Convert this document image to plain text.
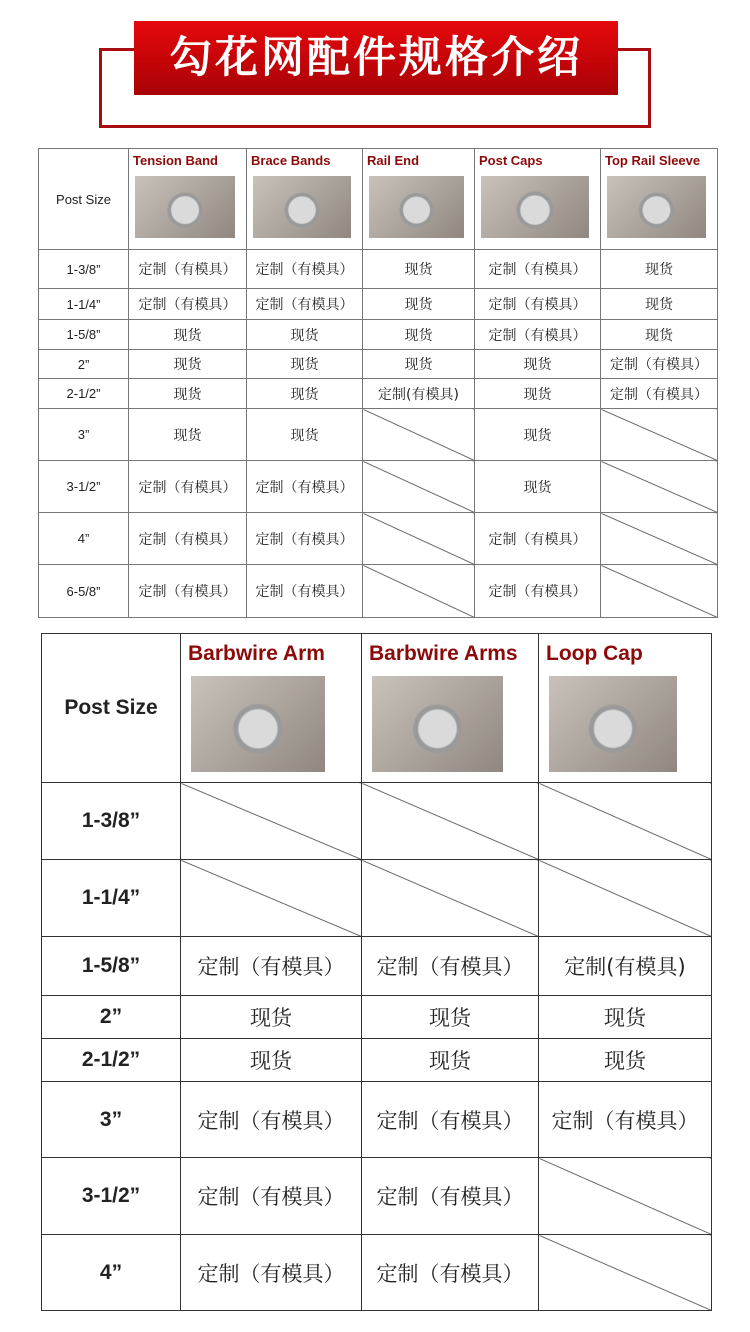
勾花网配件规格介绍
Post Size	Tension Band	Brace Bands	Rail End	Post Caps	Top Rail Sleeve

1-3/8”	定制（有模具）	定制（有模具）	现货	定制（有模具）	现货
1-1/4”	定制（有模具）	定制（有模具）	现货	定制（有模具）	现货
1-5/8”	现货	现货	现货	定制（有模具）	现货
2”	现货	现货	现货	现货	定制（有模具）
2-1/2”	现货	现货	定制(有模具)	现货	定制（有模具）
3”	现货	现货		现货	
3-1/2”	定制（有模具）	定制（有模具）		现货	
4”	定制（有模具）	定制（有模具）		定制（有模具）	
6-5/8”	定制（有模具）	定制（有模具）		定制（有模具）	
Post Size	Barbwire Arm	Barbwire Arms	Loop Cap

1-3/8”			
1-1/4”			
1-5/8”	定制（有模具）	定制（有模具）	定制(有模具)
2”	现货	现货	现货
2-1/2”	现货	现货	现货
3”	定制（有模具）	定制（有模具）	定制（有模具）
3-1/2”	定制（有模具）	定制（有模具）	
4”	定制（有模具）	定制（有模具）	
